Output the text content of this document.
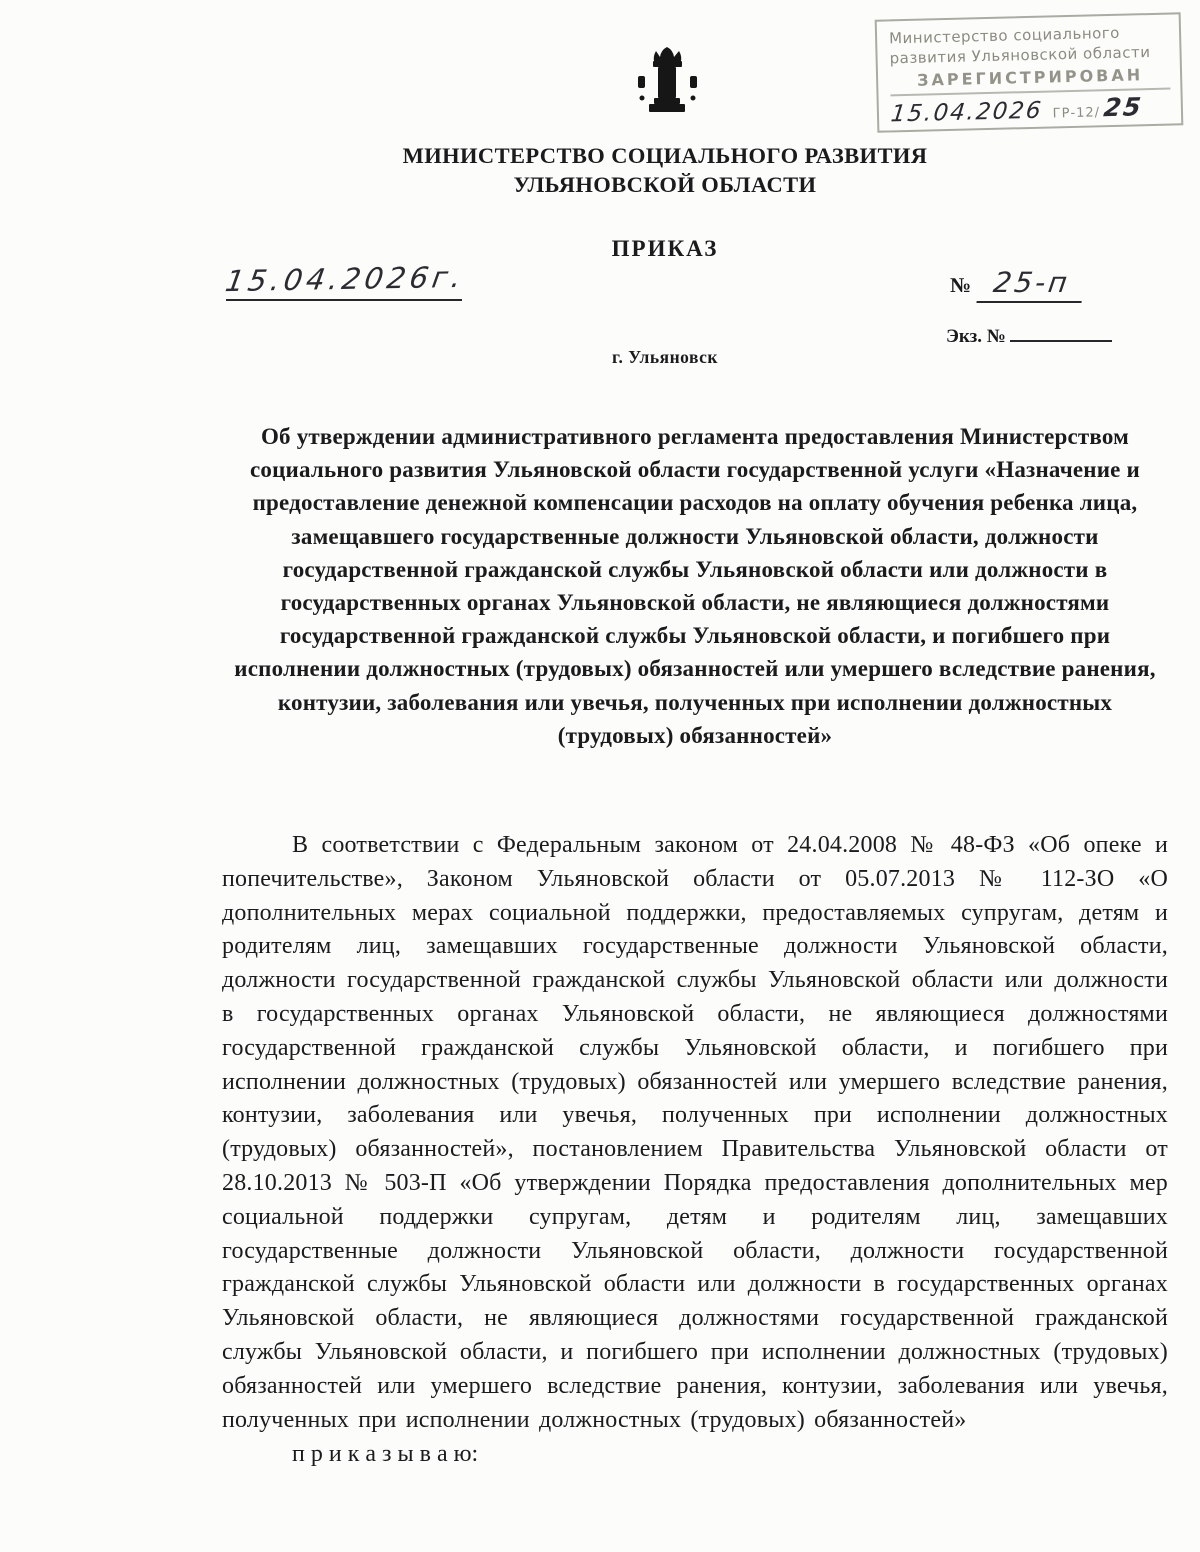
Министерство социального
развития Ульяновской области
ЗАРЕГИСТРИРОВАН
15.04.2026 ГР-12/ 25
МИНИСТЕРСТВО СОЦИАЛЬНОГО РАЗВИТИЯ
УЛЬЯНОВСКОЙ ОБЛАСТИ
ПРИКАЗ
15.04.2026г.	№ 25-п
Экз. №
г. Ульяновск
Об утверждении административного регламента предоставления Министерством социального развития Ульяновской области государственной услуги «Назначение и предоставление денежной компенсации расходов на оплату обучения ребенка лица, замещавшего государственные должности Ульяновской области, должности государственной гражданской службы Ульяновской области или должности в государственных органах Ульяновской области, не являющиеся должностями государственной гражданской службы Ульяновской области, и погибшего при исполнении должностных (трудовых) обязанностей или умершего вследствие ранения, контузии, заболевания или увечья, полученных при исполнении должностных (трудовых) обязанностей»
В соответствии с Федеральным законом от 24.04.2008 № 48-ФЗ «Об опеке и попечительстве», Законом Ульяновской области от 05.07.2013 № 112-ЗО «О дополнительных мерах социальной поддержки, предоставляемых супругам, детям и родителям лиц, замещавших государственные должности Ульяновской области, должности государственной гражданской службы Ульяновской области или должности в государственных органах Ульяновской области, не являющиеся должностями государственной гражданской службы Ульяновской области, и погибшего при исполнении должностных (трудовых) обязанностей или умершего вследствие ранения, контузии, заболевания или увечья, полученных при исполнении должностных (трудовых) обязанностей», постановлением Правительства Ульяновской области от 28.10.2013 № 503-П «Об утверждении Порядка предоставления дополнительных мер социальной поддержки супругам, детям и родителям лиц, замещавших государственные должности Ульяновской области, должности государственной гражданской службы Ульяновской области или должности в государственных органах Ульяновской области, не являющиеся должностями государственной гражданской службы Ульяновской области, и погибшего при исполнении должностных (трудовых) обязанностей или умершего вследствие ранения, контузии, заболевания или увечья, полученных при исполнении должностных (трудовых) обязанностей»
п р и к а з ы в а ю:
